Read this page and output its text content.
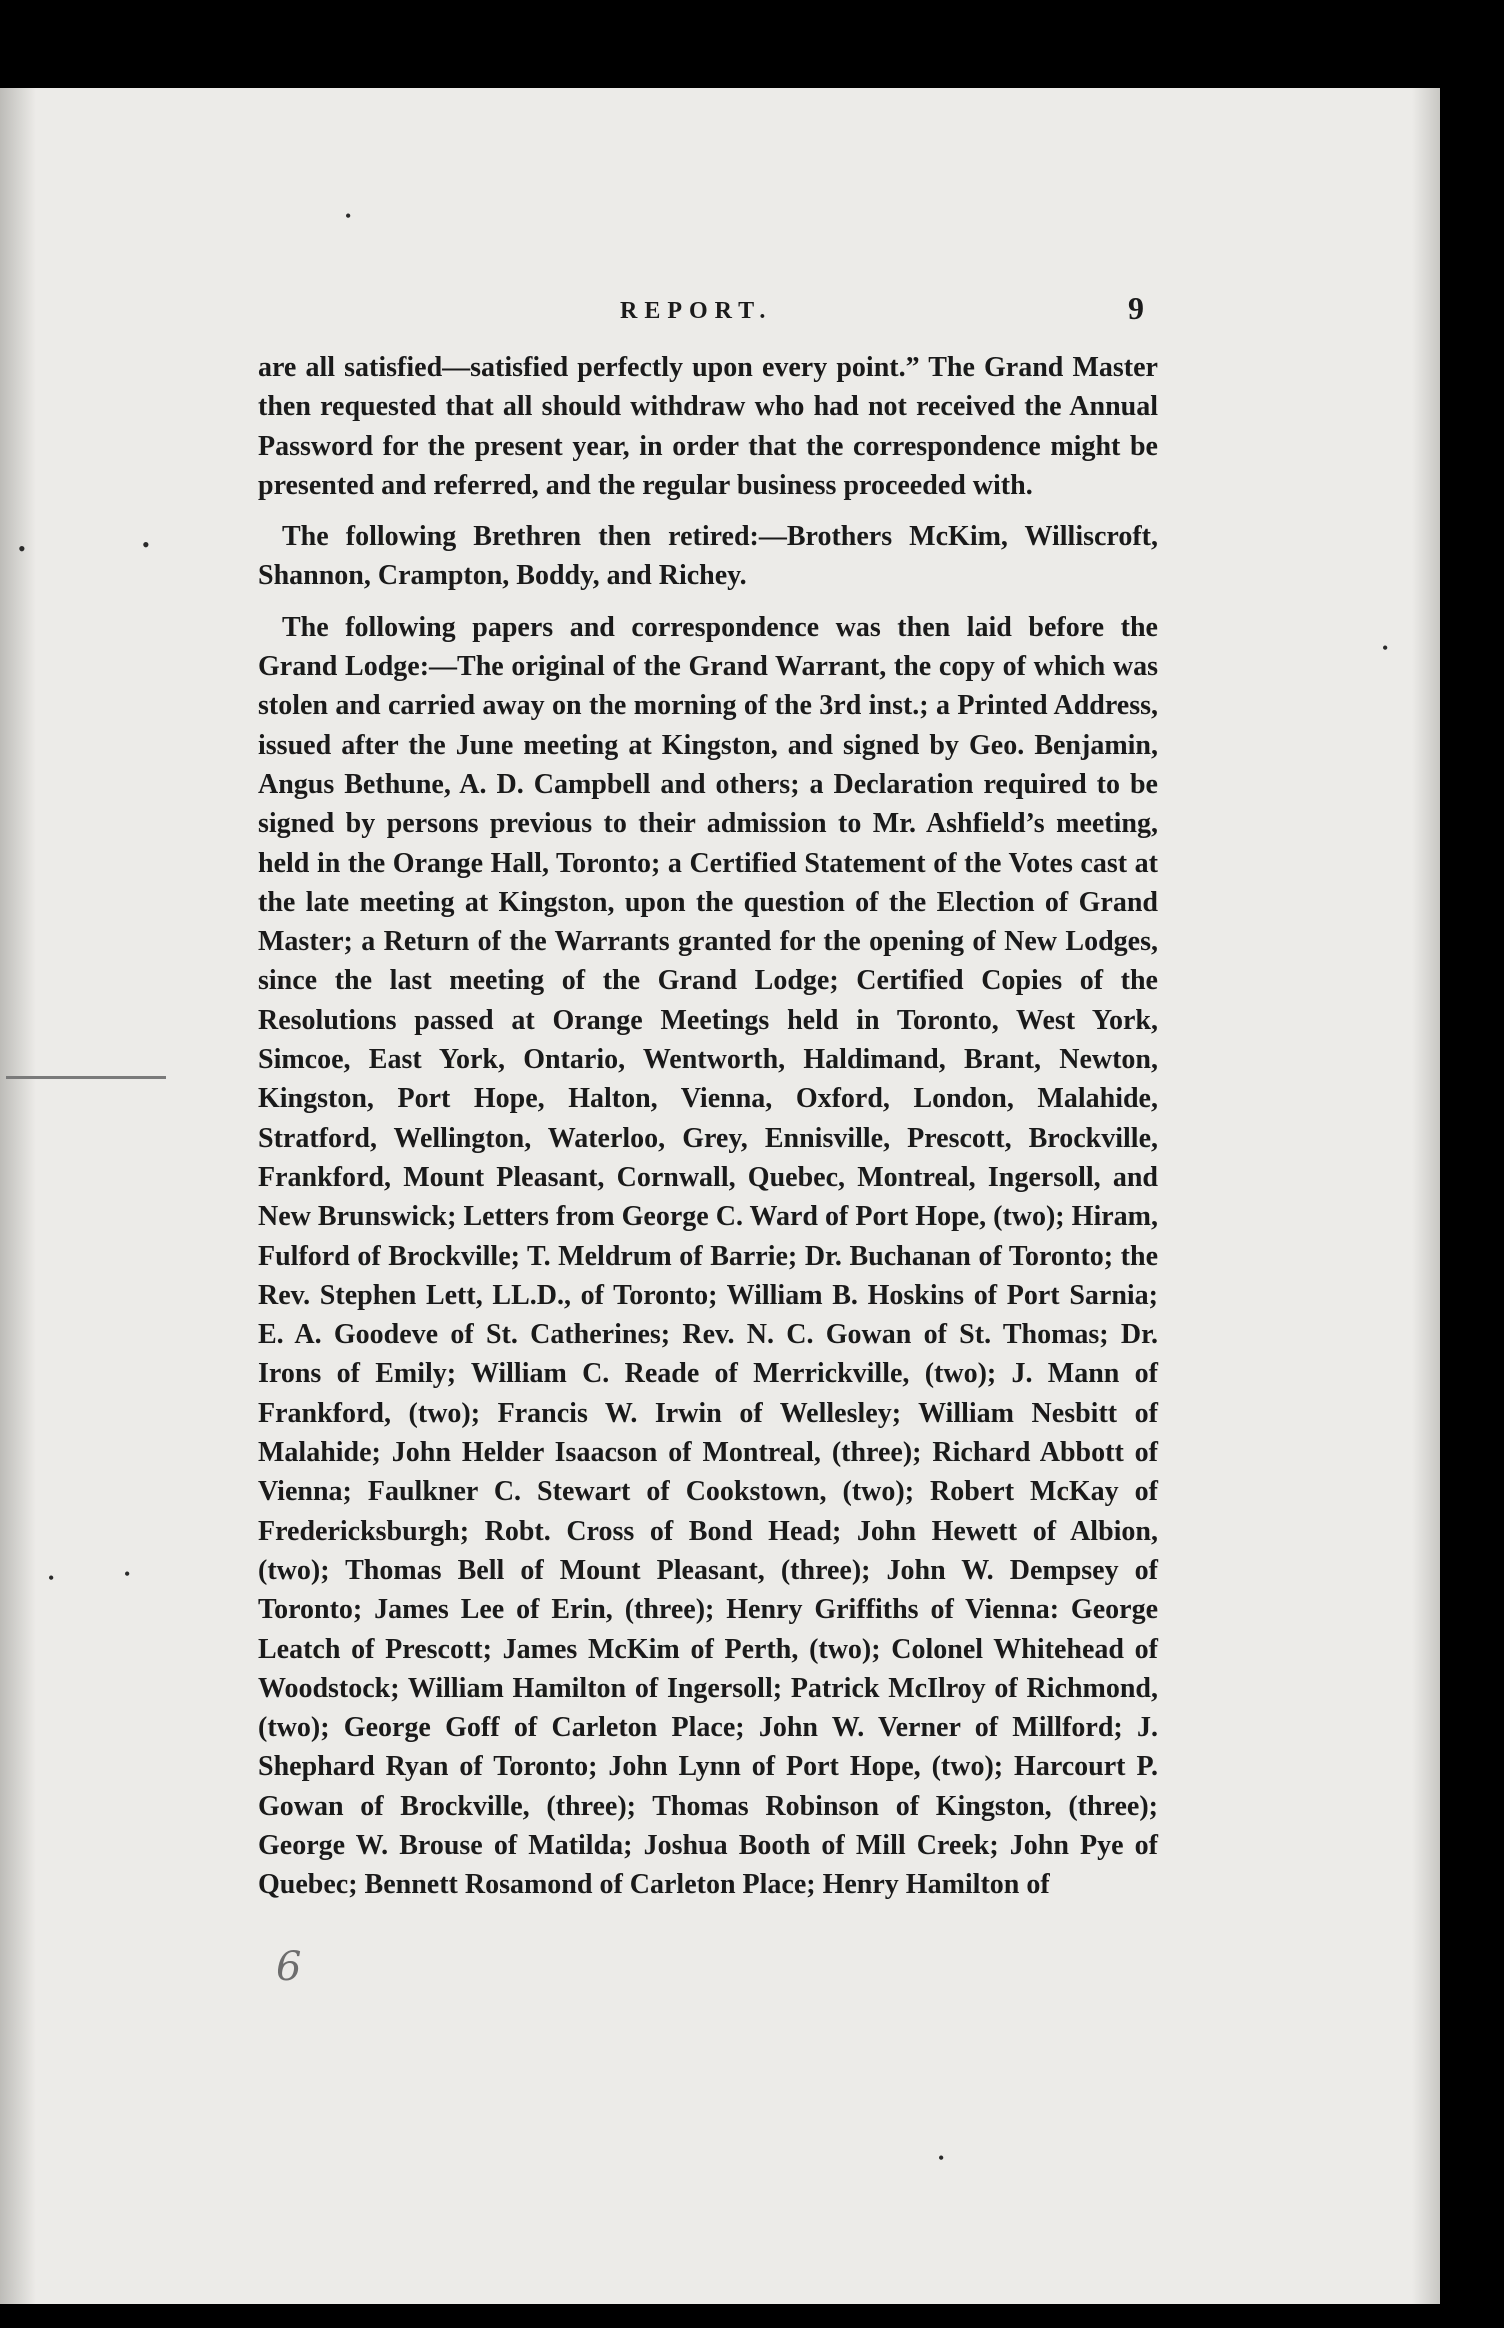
REPORT.	9

are all satisfied—satisfied perfectly upon every point.” The Grand Master then requested that all should withdraw who had not received the Annual Password for the present year, in order that the correspondence might be presented and referred, and the regular business proceeded with.

The following Brethren then retired:—Brothers McKim, Williscroft, Shannon, Crampton, Boddy, and Richey.

The following papers and correspondence was then laid before the Grand Lodge:—The original of the Grand Warrant, the copy of which was stolen and carried away on the morning of the 3rd inst.; a Printed Address, issued after the June meeting at Kingston, and signed by Geo. Benjamin, Angus Bethune, A. D. Campbell and others; a Declaration required to be signed by persons previous to their admission to Mr. Ashfield’s meeting, held in the Orange Hall, Toronto; a Certified Statement of the Votes cast at the late meeting at Kingston, upon the question of the Election of Grand Master; a Return of the Warrants granted for the opening of New Lodges, since the last meeting of the Grand Lodge; Certified Copies of the Resolutions passed at Orange Meetings held in Toronto, West York, Simcoe, East York, Ontario, Wentworth, Haldimand, Brant, Newton, Kingston, Port Hope, Halton, Vienna, Oxford, London, Malahide, Stratford, Wellington, Waterloo, Grey, Ennisville, Prescott, Brockville, Frankford, Mount Pleasant, Cornwall, Quebec, Montreal, Ingersoll, and New Brunswick; Letters from George C. Ward of Port Hope, (two); Hiram, Fulford of Brockville; T. Meldrum of Barrie; Dr. Buchanan of Toronto; the Rev. Stephen Lett, LL.D., of Toronto; William B. Hoskins of Port Sarnia; E. A. Goodeve of St. Catherines; Rev. N. C. Gowan of St. Thomas; Dr. Irons of Emily; William C. Reade of Merrickville, (two); J. Mann of Frankford, (two); Francis W. Irwin of Wellesley; William Nesbitt of Malahide; John Helder Isaacson of Montreal, (three); Richard Abbott of Vienna; Faulkner C. Stewart of Cookstown, (two); Robert McKay of Fredericksburgh; Robt. Cross of Bond Head; John Hewett of Albion, (two); Thomas Bell of Mount Pleasant, (three); John W. Dempsey of Toronto; James Lee of Erin, (three); Henry Griffiths of Vienna: George Leatch of Prescott; James McKim of Perth, (two); Colonel Whitehead of Woodstock; William Hamilton of Ingersoll; Patrick McIlroy of Richmond, (two); George Goff of Carleton Place; John W. Verner of Millford; J. Shephard Ryan of Toronto; John Lynn of Port Hope, (two); Harcourt P. Gowan of Brockville, (three); Thomas Robinson of Kingston, (three); George W. Brouse of Matilda; Joshua Booth of Mill Creek; John Pye of Quebec; Bennett Rosamond of Carleton Place; Henry Hamilton of

•	•
•
•
•	•
•
6
